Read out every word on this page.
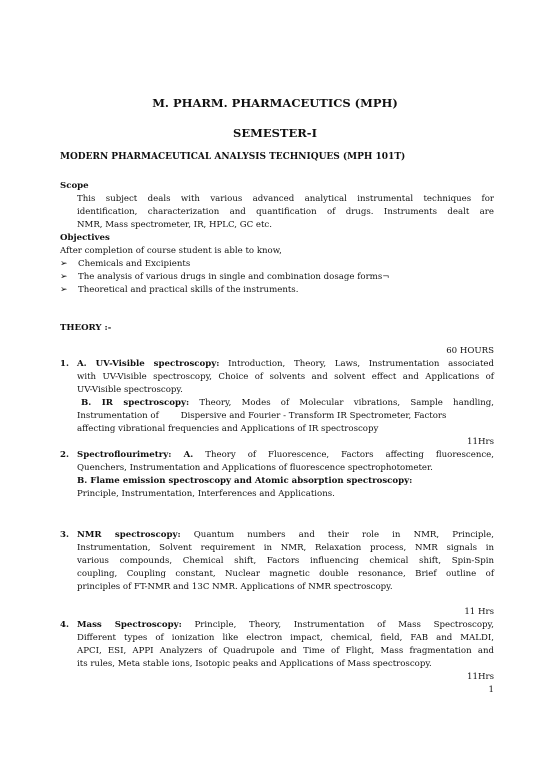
M. PHARM. PHARMACEUTICS (MPH)
SEMESTER-I
MODERN PHARMACEUTICAL ANALYSIS TECHNIQUES (MPH 101T)
Scope
This subject deals with various advanced analytical instrumental techniques for
identification, characterization and quantification of drugs. Instruments dealt are
NMR, Mass spectrometer, IR, HPLC, GC etc.
Objectives
After completion of course student is able to know,
➢ Chemicals and Excipients
➢ The analysis of various drugs in single and combination dosage forms¬
➢ Theoretical and practical skills of the instruments.
THEORY :-
60 HOURS
1. A. UV-Visible spectroscopy: Introduction, Theory, Laws, Instrumentation associated
with UV-Visible spectroscopy, Choice of solvents and solvent effect and Applications of
UV-Visible spectroscopy.
B. IR spectroscopy: Theory, Modes of Molecular vibrations, Sample handling,
Instrumentation of        Dispersive and Fourier - Transform IR Spectrometer, Factors
affecting vibrational frequencies and Applications of IR spectroscopy
11Hrs
2. Spectroflourimetry: A. Theory of Fluorescence, Factors affecting fluorescence,
Quenchers, Instrumentation and Applications of fluorescence spectrophotometer.
B. Flame emission spectroscopy and Atomic absorption spectroscopy:
Principle, Instrumentation, Interferences and Applications.
3. NMR spectroscopy: Quantum numbers and their role in NMR, Principle,
Instrumentation, Solvent requirement in NMR, Relaxation process, NMR signals in
various compounds, Chemical shift, Factors influencing chemical shift, Spin-Spin
coupling, Coupling constant, Nuclear magnetic double resonance, Brief outline of
principles of FT-NMR and 13C NMR. Applications of NMR spectroscopy.
11 Hrs
4. Mass Spectroscopy: Principle, Theory, Instrumentation of Mass Spectroscopy,
Different types of ionization like electron impact, chemical, field, FAB and MALDI,
APCI, ESI, APPI Analyzers of Quadrupole and Time of Flight, Mass fragmentation and
its rules, Meta stable ions, Isotopic peaks and Applications of Mass spectroscopy.
11Hrs
1
